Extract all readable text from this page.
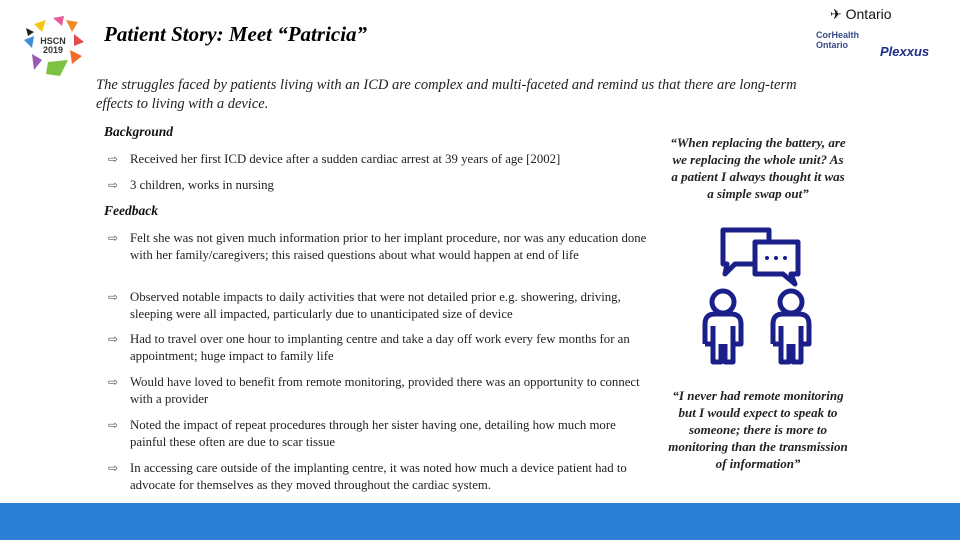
HSCN
2019
Patient Story: Meet “Patricia”
✈ Ontario
CorHealth Ontario	Plexxus
The struggles faced by patients living with an ICD are complex and multi-faceted and remind us that there are long-term effects to living with a device.
Background
⇨ Received her first ICD device after a sudden cardiac arrest at 39 years of age [2002]
⇨ 3 children, works in nursing
Feedback
⇨ Felt she was not given much information prior to her implant procedure, nor was any education done with her family/caregivers; this raised questions about what would happen at end of life
⇨ Observed notable impacts to daily activities that were not detailed prior e.g. showering, driving, sleeping were all impacted, particularly due to unanticipated size of device
⇨ Had to travel over one hour to implanting centre and take a day off work every few months for an appointment; huge impact to family life
⇨ Would have loved to benefit from remote monitoring, provided there was an opportunity to connect with a provider
⇨ Noted the impact of repeat procedures through her sister having one, detailing how much more painful these often are due to scar tissue
⇨ In accessing care outside of the implanting centre, it was noted how much a device patient had to advocate for themselves as they moved throughout the cardiac system.
“When replacing the battery, are we replacing the whole unit? As a patient I always thought it was a simple swap out”
“I never had remote monitoring but I would expect to speak to someone; there is more to monitoring than the transmission of information”
